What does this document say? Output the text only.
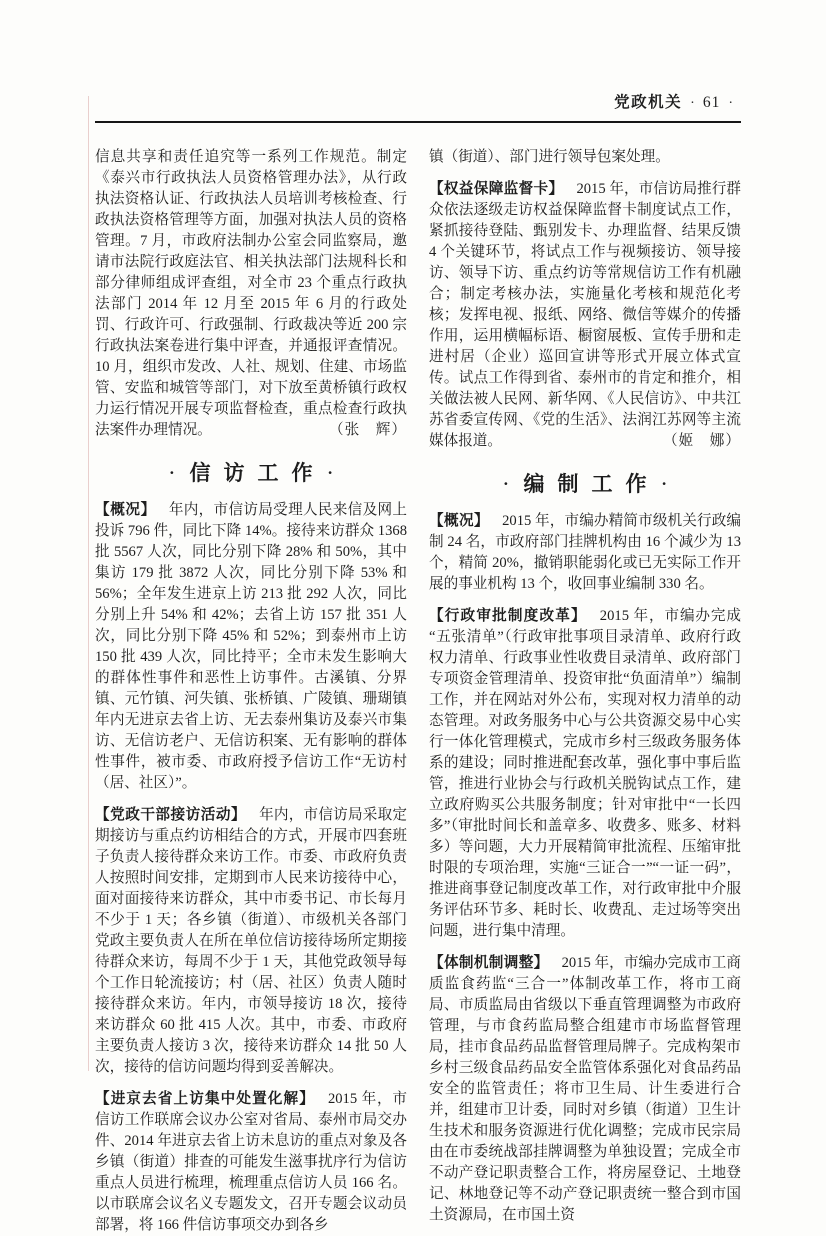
党政机关 · 61 ·

信息共享和责任追究等一系列工作规范。制定《泰兴市行政执法人员资格管理办法》，从行政执法资格认证、行政执法人员培训考核检查、行政执法资格管理等方面，加强对执法人员的资格管理。7 月，市政府法制办公室会同监察局，邀请市法院行政庭法官、相关执法部门法规科长和部分律师组成评查组，对全市 23 个重点行政执法部门 2014 年 12 月至 2015 年 6 月的行政处罚、行政许可、行政强制、行政裁决等近 200 宗行政执法案卷进行集中评查，并通报评查情况。10 月，组织市发改、人社、规划、住建、市场监管、安监和城管等部门，对下放至黄桥镇行政权力运行情况开展专项监督检查，重点检查行政执法案件办理情况。	（张　辉）

· 信访工作 ·
【概况】 年内，市信访局受理人民来信及网上投诉 796 件，同比下降 14%。接待来访群众 1368 批 5567 人次，同比分别下降 28% 和 50%，其中集访 179 批 3872 人次，同比分别下降 53% 和 56%；全年发生进京上访 213 批 292 人次，同比分别上升 54% 和 42%；去省上访 157 批 351 人次，同比分别下降 45% 和 52%；到泰州市上访 150 批 439 人次，同比持平；全市未发生影响大的群体性事件和恶性上访事件。古溪镇、分界镇、元竹镇、河失镇、张桥镇、广陵镇、珊瑚镇年内无进京去省上访、无去泰州集访及泰兴市集访、无信访老户、无信访积案、无有影响的群体性事件，被市委、市政府授予信访工作“无访村（居、社区）”。
【党政干部接访活动】 年内，市信访局采取定期接访与重点约访相结合的方式，开展市四套班子负责人接待群众来访工作。市委、市政府负责人按照时间安排，定期到市人民来访接待中心，面对面接待来访群众，其中市委书记、市长每月不少于 1 天；各乡镇（街道）、市级机关各部门党政主要负责人在所在单位信访接待场所定期接待群众来访，每周不少于 1 天，其他党政领导每个工作日轮流接访；村（居、社区）负责人随时接待群众来访。年内，市领导接访 18 次，接待来访群众 60 批 415 人次。其中，市委、市政府主要负责人接访 3 次，接待来访群众 14 批 50 人次，接待的信访问题均得到妥善解决。
【进京去省上访集中处置化解】 2015 年，市信访工作联席会议办公室对省局、泰州市局交办件、2014 年进京去省上访未息访的重点对象及各乡镇（街道）排查的可能发生滋事扰序行为信访重点人员进行梳理，梳理重点信访人员 166 名。以市联席会议名义专题发文，召开专题会议动员部署，将 166 件信访事项交办到各乡

镇（街道）、部门进行领导包案处理。

【权益保障监督卡】 2015 年，市信访局推行群众依法逐级走访权益保障监督卡制度试点工作，紧抓接待登陆、甄别发卡、办理监督、结果反馈 4 个关键环节，将试点工作与视频接访、领导接访、领导下访、重点约访等常规信访工作有机融合；制定考核办法，实施量化考核和规范化考核；发挥电视、报纸、网络、微信等媒介的传播作用，运用横幅标语、橱窗展板、宣传手册和走进村居（企业）巡回宣讲等形式开展立体式宣传。试点工作得到省、泰州市的肯定和推介，相关做法被人民网、新华网、《人民信访》、中共江苏省委宣传网、《党的生活》、法润江苏网等主流媒体报道。	（姬　娜）
· 编制工作 ·
【概况】 2015 年，市编办精简市级机关行政编制 24 名，市政府部门挂牌机构由 16 个减少为 13 个，精简 20%，撤销职能弱化或已无实际工作开展的事业机构 13 个，收回事业编制 330 名。
【行政审批制度改革】 2015 年，市编办完成“五张清单”（行政审批事项目录清单、政府行政权力清单、行政事业性收费目录清单、政府部门专项资金管理清单、投资审批“负面清单”）编制工作，并在网站对外公布，实现对权力清单的动态管理。对政务服务中心与公共资源交易中心实行一体化管理模式，完成市乡村三级政务服务体系的建设；同时推进配套改革，强化事中事后监管，推进行业协会与行政机关脱钩试点工作，建立政府购买公共服务制度；针对审批中“一长四多”（审批时间长和盖章多、收费多、账多、材料多）等问题，大力开展精简审批流程、压缩审批时限的专项治理，实施“三证合一”“一证一码”，推进商事登记制度改革工作，对行政审批中介服务评估环节多、耗时长、收费乱、走过场等突出问题，进行集中清理。
【体制机制调整】 2015 年，市编办完成市工商质监食药监“三合一”体制改革工作，将市工商局、市质监局由省级以下垂直管理调整为市政府管理，与市食药监局整合组建市市场监督管理局，挂市食品药品监督管理局牌子。完成构架市乡村三级食品药品安全监管体系强化对食品药品安全的监管责任；将市卫生局、计生委进行合并，组建市卫计委，同时对乡镇（街道）卫生计生技术和服务资源进行优化调整；完成市民宗局由在市委统战部挂牌调整为单独设置；完成全市不动产登记职责整合工作，将房屋登记、土地登记、林地登记等不动产登记职责统一整合到市国土资源局，在市国土资
